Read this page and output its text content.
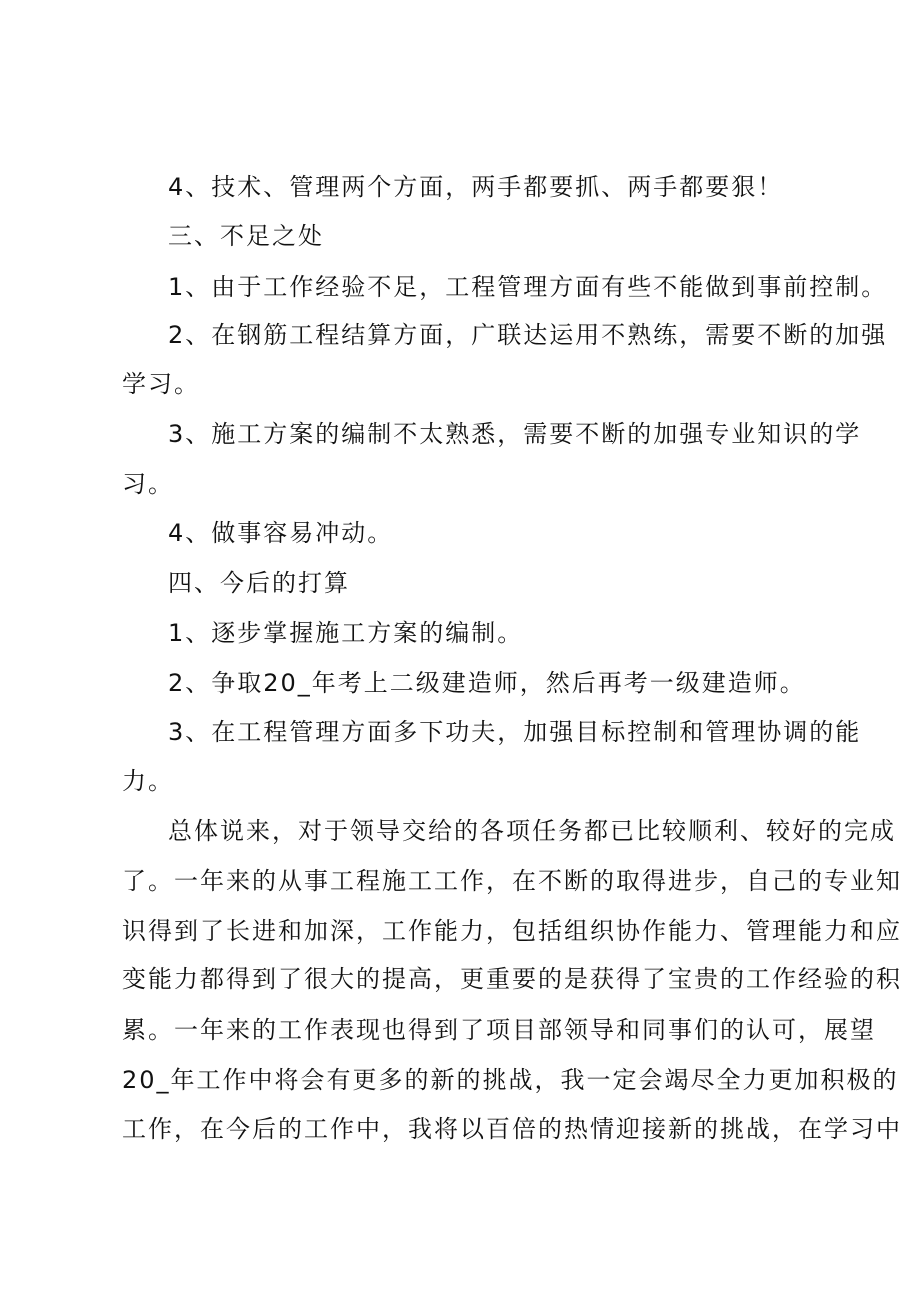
4、技术、管理两个方面，两手都要抓、两手都要狠！
三、不足之处
1、由于工作经验不足，工程管理方面有些不能做到事前控制。
2、在钢筋工程结算方面，广联达运用不熟练，需要不断的加强
学习。
3、施工方案的编制不太熟悉，需要不断的加强专业知识的学
习。
4、做事容易冲动。
四、今后的打算
1、逐步掌握施工方案的编制。
2、争取20_年考上二级建造师，然后再考一级建造师。
3、在工程管理方面多下功夫，加强目标控制和管理协调的能
力。
总体说来，对于领导交给的各项任务都已比较顺利、较好的完成
了。一年来的从事工程施工工作，在不断的取得进步，自己的专业知
识得到了长进和加深，工作能力，包括组织协作能力、管理能力和应
变能力都得到了很大的提高，更重要的是获得了宝贵的工作经验的积
累。一年来的工作表现也得到了项目部领导和同事们的认可，展望
20_年工作中将会有更多的新的挑战，我一定会竭尽全力更加积极的
工作，在今后的工作中，我将以百倍的热情迎接新的挑战，在学习中
